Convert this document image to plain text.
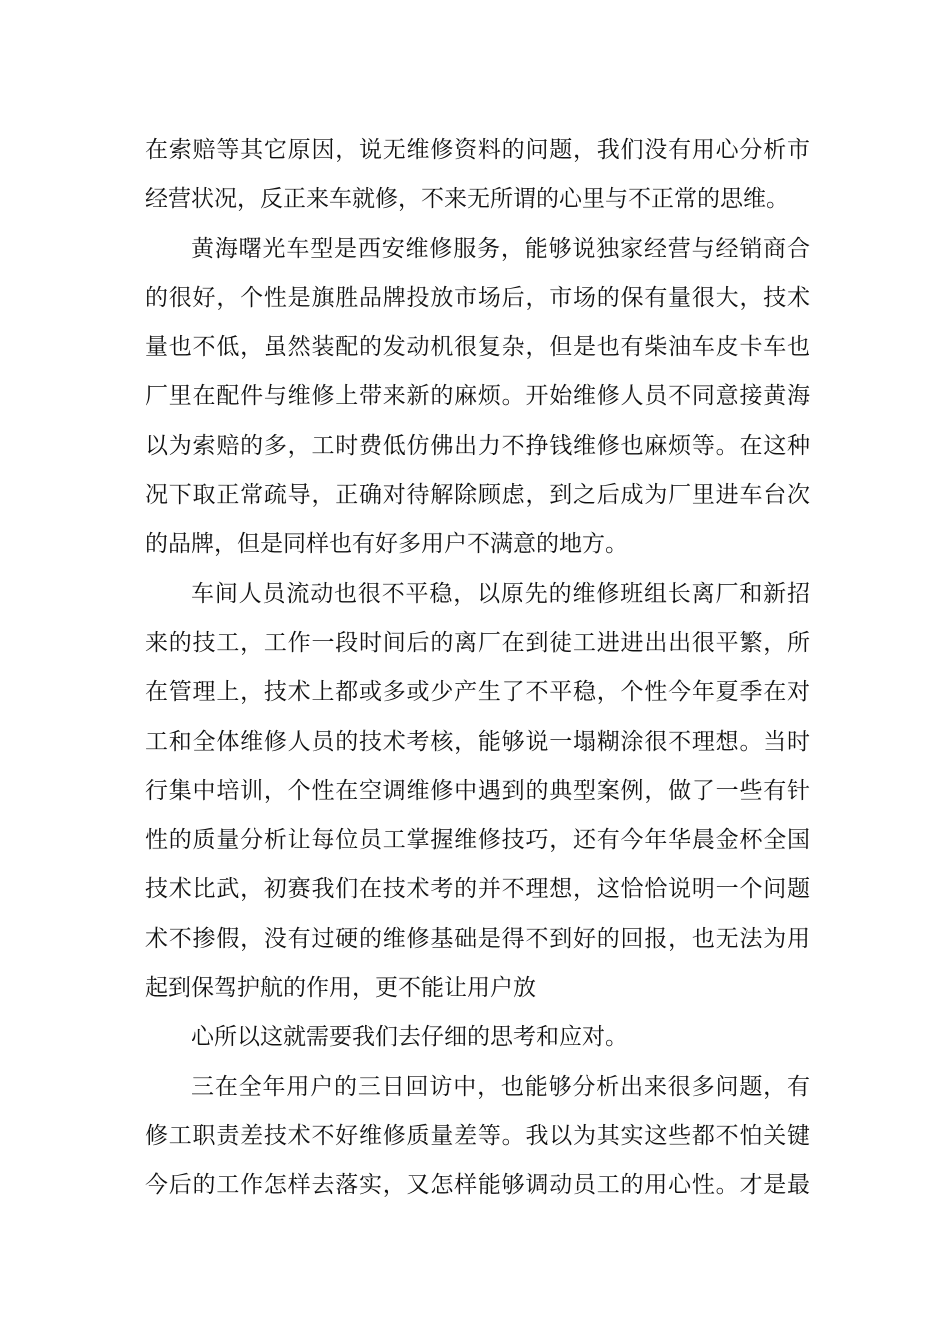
在索赔等其它原因，说无维修资料的问题，我们没有用心分析市
经营状况，反正来车就修，不来无所谓的心里与不正常的思维。
黄海曙光车型是西安维修服务，能够说独家经营与经销商合
的很好，个性是旗胜品牌投放市场后，市场的保有量很大，技术
量也不低，虽然装配的发动机很复杂，但是也有柴油车皮卡车也
厂里在配件与维修上带来新的麻烦。开始维修人员不同意接黄海
以为索赔的多，工时费低仿佛出力不挣钱维修也麻烦等。在这种
况下取正常疏导，正确对待解除顾虑，到之后成为厂里进车台次
的品牌，但是同样也有好多用户不满意的地方。
车间人员流动也很不平稳，以原先的维修班组长离厂和新招
来的技工，工作一段时间后的离厂在到徒工进进出出很平繁，所
在管理上，技术上都或多或少产生了不平稳，个性今年夏季在对
工和全体维修人员的技术考核，能够说一塌糊涂很不理想。当时
行集中培训，个性在空调维修中遇到的典型案例，做了一些有针
性的质量分析让每位员工掌握维修技巧，还有今年华晨金杯全国
技术比武，初赛我们在技术考的并不理想，这恰恰说明一个问题
术不掺假，没有过硬的维修基础是得不到好的回报，也无法为用
起到保驾护航的作用，更不能让用户放
心所以这就需要我们去仔细的思考和应对。
三在全年用户的三日回访中，也能够分析出来很多问题，有
修工职责差技术不好维修质量差等。我以为其实这些都不怕关键
今后的工作怎样去落实，又怎样能够调动员工的用心性。才是最
